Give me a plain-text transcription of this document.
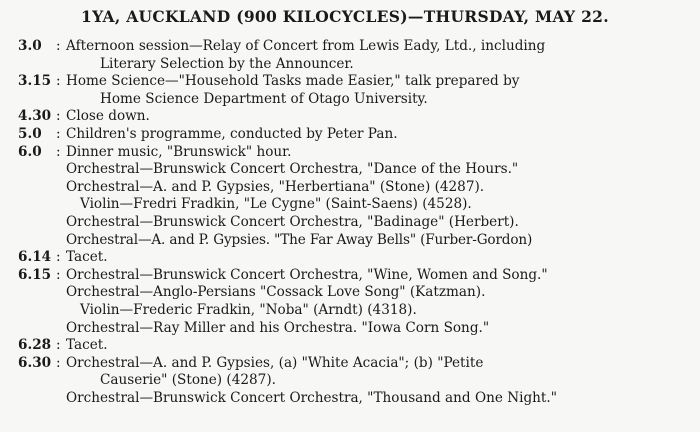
1YA, AUCKLAND (900 KILOCYCLES)—THURSDAY, MAY 22.
3.0	: Afternoon session—Relay of Concert from Lewis Eady, Ltd., including
Literary Selection by the Announcer.
3.15 : Home Science—"Household Tasks made Easier," talk prepared by
Home Science Department of Otago University.
4.30 : Close down.
5.0	: Children's programme, conducted by Peter Pan.
6.0	: Dinner music, "Brunswick" hour.
Orchestral—Brunswick Concert Orchestra, "Dance of the Hours."
Orchestral—A. and P. Gypsies, "Herbertiana" (Stone) (4287).
Violin—Fredri Fradkin, "Le Cygne" (Saint-Saens) (4528).
Orchestral—Brunswick Concert Orchestra, "Badinage" (Herbert).
Orchestral—A. and P. Gypsies. "The Far Away Bells" (Furber-Gordon)
6.14 : Tacet.
6.15 : Orchestral—Brunswick Concert Orchestra, "Wine, Women and Song."
Orchestral—Anglo-Persians "Cossack Love Song" (Katzman).
Violin—Frederic Fradkin, "Noba" (Arndt) (4318).
Orchestral—Ray Miller and his Orchestra. "Iowa Corn Song."
6.28 : Tacet.
6.30 : Orchestral—A. and P. Gypsies, (a) "White Acacia"; (b) "Petite
Causerie" (Stone) (4287).
Orchestral—Brunswick Concert Orchestra, "Thousand and One Night."
